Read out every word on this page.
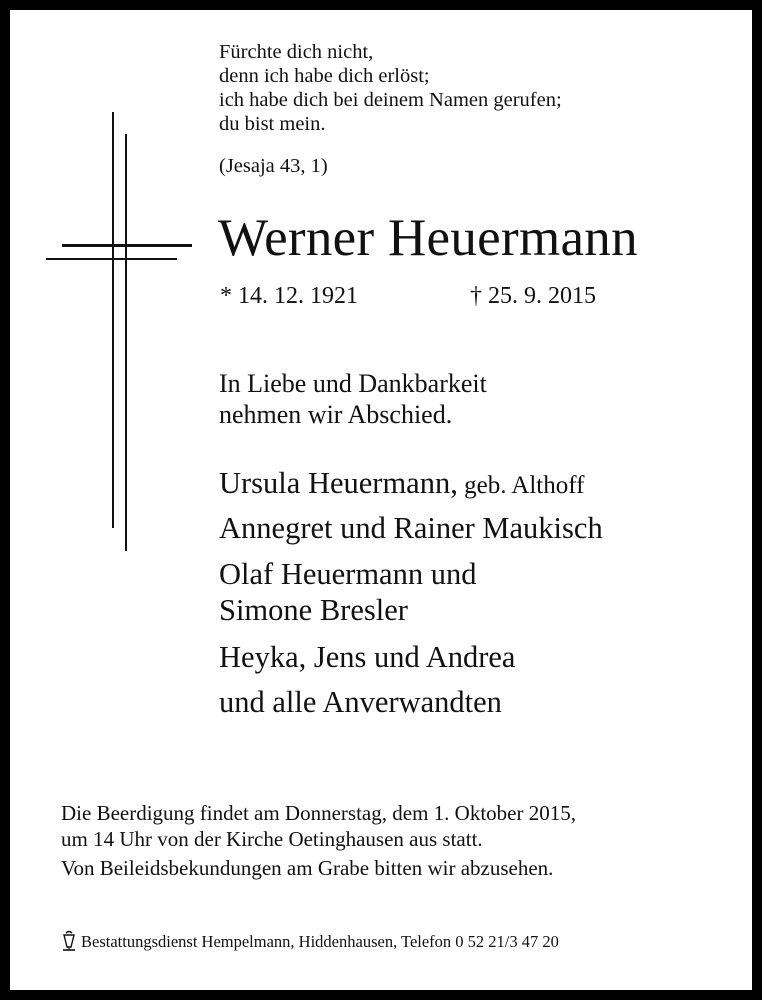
Fürchte dich nicht,
denn ich habe dich erlöst;
ich habe dich bei deinem Namen gerufen;
du bist mein.
(Jesaja 43, 1)
Werner Heuermann
* 14. 12. 1921	† 25. 9. 2015
In Liebe und Dankbarkeit
nehmen wir Abschied.
Ursula Heuermann, geb. Althoff
Annegret und Rainer Maukisch
Olaf Heuermann und
Simone Bresler
Heyka, Jens und Andrea
und alle Anverwandten
Die Beerdigung findet am Donnerstag, dem 1. Oktober 2015,
um 14 Uhr von der Kirche Oetinghausen aus statt.
Von Beileidsbekundungen am Grabe bitten wir abzusehen.
Bestattungsdienst Hempelmann, Hiddenhausen, Telefon 0 52 21/3 47 20
